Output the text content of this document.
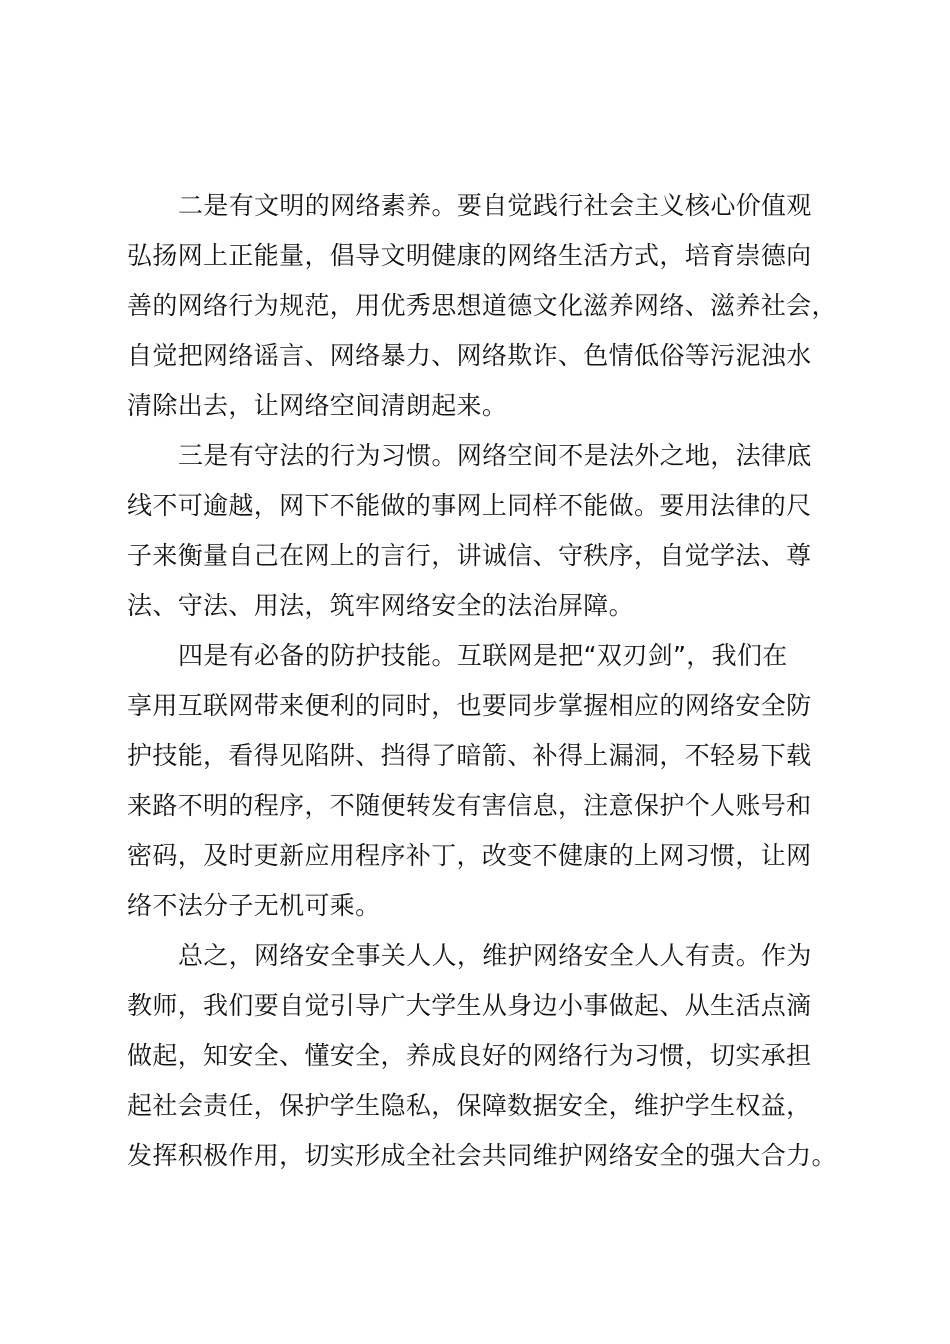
二是有文明的网络素养。要自觉践行社会主义核心价值观
弘扬网上正能量，倡导文明健康的网络生活方式，培育崇德向
善的网络行为规范，用优秀思想道德文化滋养网络、滋养社会，
自觉把网络谣言、网络暴力、网络欺诈、色情低俗等污泥浊水
清除出去，让网络空间清朗起来。
三是有守法的行为习惯。网络空间不是法外之地，法律底
线不可逾越，网下不能做的事网上同样不能做。要用法律的尺
子来衡量自己在网上的言行，讲诚信、守秩序，自觉学法、尊
法、守法、用法，筑牢网络安全的法治屏障。
四是有必备的防护技能。互联网是把“双刃剑”，我们在
享用互联网带来便利的同时，也要同步掌握相应的网络安全防
护技能，看得见陷阱、挡得了暗箭、补得上漏洞，不轻易下载
来路不明的程序，不随便转发有害信息，注意保护个人账号和
密码，及时更新应用程序补丁，改变不健康的上网习惯，让网
络不法分子无机可乘。
总之，网络安全事关人人，维护网络安全人人有责。作为
教师，我们要自觉引导广大学生从身边小事做起、从生活点滴
做起，知安全、懂安全，养成良好的网络行为习惯，切实承担
起社会责任，保护学生隐私，保障数据安全，维护学生权益，
发挥积极作用，切实形成全社会共同维护网络安全的强大合力。
